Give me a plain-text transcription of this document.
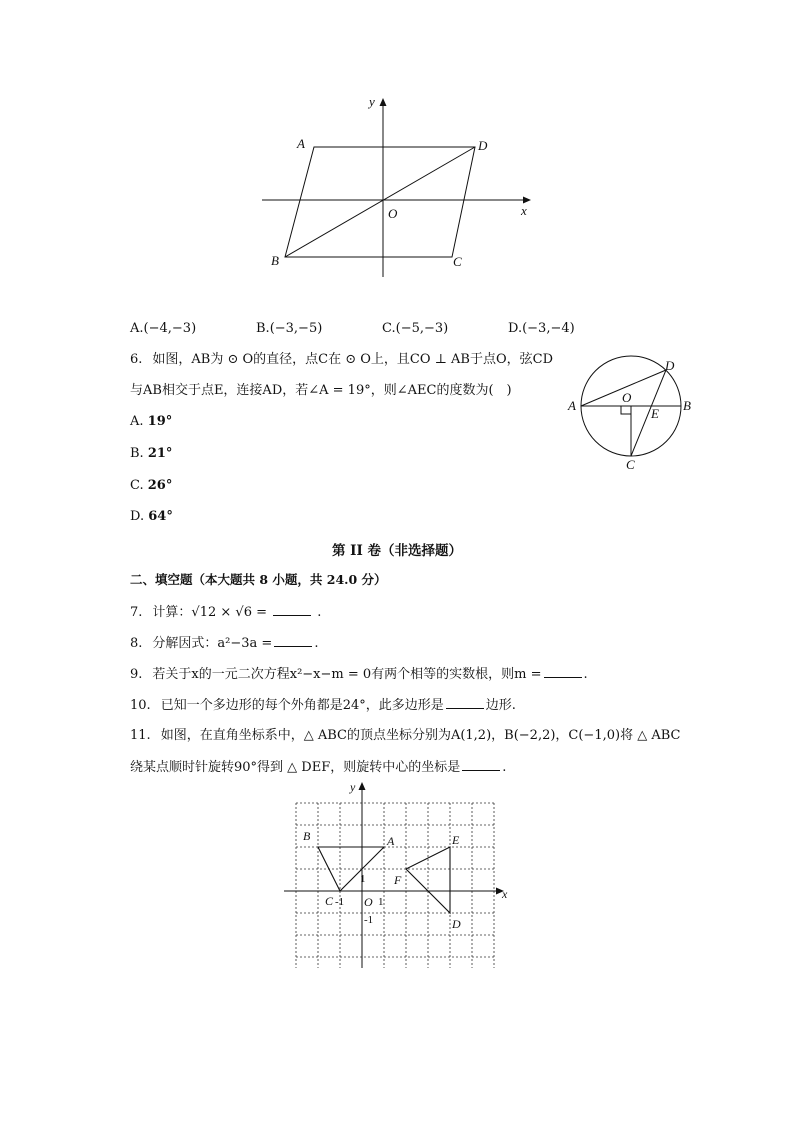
y
x
A	D
O
B	C
A.(−4,−3)	B.(−3,−5)	C.(−5,−3)	D.(−3,−4)
6. 如图，AB为 ⊙ O的直径，点C在 ⊙ O上，且CO ⊥ AB于点O，弦CD
与AB相交于点E，连接AD，若∠A = 19°，则∠AEC的度数为(　)
A. 19°
B. 21°
C. 26°
D. 64°
A	B
D
O
E
C
第 II 卷（非选择题）
二、填空题（本大题共 8 小题，共 24.0 分）
7. 计算：√12 × √6 =	.
8. 分解因式：a²−3a =	.
9. 若关于x的一元二次方程x²−x−m = 0有两个相等的实数根，则m =	.
10. 已知一个多边形的每个外角都是24°，此多边形是	边形.
11. 如图，在直角坐标系中，△ ABC的顶点坐标分别为A(1,2)，B(−2,2)，C(−1,0)将 △ ABC
绕某点顺时针旋转90°得到 △ DEF，则旋转中心的坐标是	.
y
x
B	A	E
F
C -1 O 1
1
-1	D
